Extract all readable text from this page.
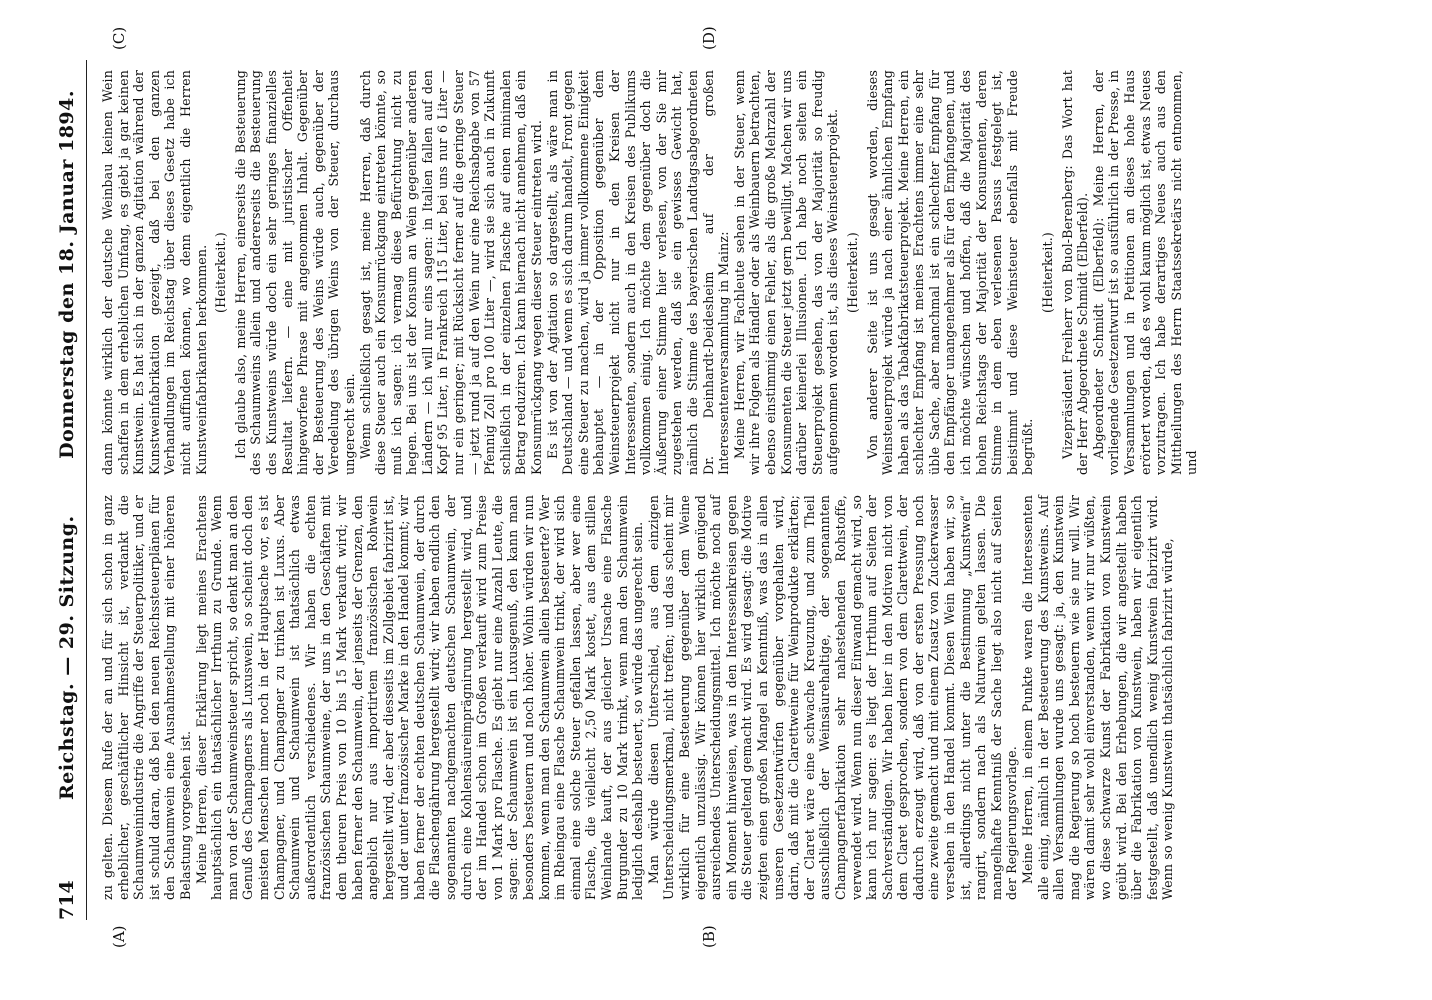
714
Reichstag. — 29. Sitzung.
Donnerstag den 18. Januar 1894.
(A)	(B)
(C)	(D)

zu gelten. Diesem Rufe der an und für sich schon in ganz erheblicher, geschäftlicher Hinsicht ist, verdankt die Schaumweinindustrie die Angriffe der Steuerpolitiker, und er ist schuld daran, daß bei den neuen Reichssteuerplänen für den Schaumwein eine Ausnahmestellung mit einer höheren Belastung vorgesehen ist. Meine Herren, dieser Erklärung liegt meines Erachtens hauptsächlich ein thatsächlicher Irrthum zu Grunde. Wenn man von der Schaumweinsteuer spricht, so denkt man an den Genuß des Champagners als Luxuswein, so scheint doch den meisten Menschen immer noch in der Hauptsache vor, es ist Champagner, und Champagner zu trinken ist Luxus. Aber Schaumwein und Schaumwein ist thatsächlich etwas außerordentlich verschiedenes. Wir haben die echten französischen Schaumweine, der uns in den Geschäften mit dem theuren Preis von 10 bis 15 Mark verkauft wird; wir haben ferner den Schaumwein, der jenseits der Grenzen, den angeblich nur aus importirtem französischen Rohwein hergestellt wird, der aber diesseits im Zollgebiet fabrizirt ist, und der unter französischer Marke in den Handel kommt; wir haben ferner der echten deutschen Schaumwein, der durch die Flaschengährung hergestellt wird; wir haben endlich den sogenannten nachgemachten deutschen Schaumwein, der durch eine Kohlensäureimprägnirung hergestellt wird, und der im Handel schon im Großen verkauft wird zum Preise von 1 Mark pro Flasche. Es giebt nur eine Anzahl Leute, die sagen: der Schaumwein ist ein Luxusgenuß, den kann man besonders besteuern und noch höher. Wohin würden wir nun kommen, wenn man den Schaumwein allein besteuerte? Wer im Rheingau eine Flasche Schaumwein trinkt, der wird sich einmal eine solche Steuer gefallen lassen, aber wer eine Flasche, die vielleicht 2,50 Mark kostet, aus dem stillen Weinlande kauft, der aus gleicher Ursache eine Flasche Burgunder zu 10 Mark trinkt, wenn man den Schaumwein lediglich deshalb besteuert, so würde das ungerecht sein. Man würde diesen Unterschied, aus dem einzigen Unterscheidungsmerkmal, nicht treffen; und das scheint mir wirklich für eine Besteuerung gegenüber dem Weine eigentlich unzulässig. Wir können hier wirklich genügend ausreichendes Unterscheidungsmittel. Ich möchte noch auf ein Moment hinweisen, was in den Interessenkreisen gegen die Steuer geltend gemacht wird. Es wird gesagt: die Motive zeigten einen großen Mangel an Kenntniß, was das in allen unseren Gesetzentwürfen gegenüber vorgehalten wird, darin, daß mit die Clarettweine für Weinprodukte erklärten; der Claret wäre eine schwache Kreuzung, und zum Theil ausschließlich der Weinsäurehaltige, der sogenannten Champagnerfabrikation sehr nahestehenden Rohstoffe, verwendet wird. Wenn nun dieser Einwand gemacht wird, so kann ich nur sagen: es liegt der Irrthum auf Seiten der Sachverständigen. Wir haben hier in den Motiven nicht von dem Claret gesprochen, sondern von dem Clarettwein, der dadurch erzeugt wird, daß von der ersten Pressung noch eine zweite gemacht und mit einem Zusatz von Zuckerwasser versehen in den Handel kommt. Diesen Wein haben wir, so ist, allerdings nicht unter die Bestimmung „Kunstwein“ rangirt, sondern nach als Naturwein gelten lassen. Die mangelhafte Kenntniß der Sache liegt also nicht auf Seiten der Regierungsvorlage. Meine Herren, in einem Punkte waren die Interessenten alle einig, nämlich in der Besteuerung des Kunstweins. Auf allen Versammlungen wurde uns gesagt: ja, den Kunstwein mag die Regierung so hoch besteuern wie sie nur will. Wir wären damit sehr wohl einverstanden, wenn wir nur wüßten, wo diese schwarze Kunst der Fabrikation von Kunstwein geübt wird. Bei den Erhebungen, die wir angestellt haben über die Fabrikation von Kunstwein, haben wir eigentlich festgestellt, daß unendlich wenig Kunstwein fabrizirt wird. Wenn so wenig Kunstwein thatsächlich fabrizirt würde,

dann könnte wirklich der deutsche Weinbau keinen Wein schaffen in dem erheblichen Umfang, es giebt ja gar keinen Kunstwein. Es hat sich in der ganzen Agitation während der Kunstweinfabrikation gezeigt, daß bei den ganzen Verhandlungen im Reichstag über dieses Gesetz habe ich nicht auffinden können, wo denn eigentlich die Herren Kunstweinfabrikanten herkommen. (Heiterkeit.) Ich glaube also, meine Herren, einerseits die Besteuerung des Schaumweins allein und andererseits die Besteuerung des Kunstweins würde doch ein sehr geringes finanzielles Resultat liefern. — eine mit juristischer Offenheit hingeworfene Phrase mit angenommen Inhalt. Gegenüber der Besteuerung des Weins würde auch, gegenüber der Veredelung des übrigen Weins von der Steuer, durchaus ungerecht sein. Wenn schließlich gesagt ist, meine Herren, daß durch diese Steuer auch ein Konsumrückgang eintreten könnte, so muß ich sagen: ich vermag diese Befürchtung nicht zu hegen. Bei uns ist der Konsum an Wein gegenüber anderen Ländern — ich will nur eins sagen: in Italien fallen auf den Kopf 95 Liter, in Frankreich 115 Liter, bei uns nur 6 Liter — nur ein geringer; mit Rücksicht ferner auf die geringe Steuer — jetzt rund ja auf den Wein nur eine Reichsabgabe von 57 Pfennig Zoll pro 100 Liter —, wird sie sich auch in Zukunft schließlich in der einzelnen Flasche auf einen minimalen Betrag reduziren. Ich kann hiernach nicht annehmen, daß ein Konsumrückgang wegen dieser Steuer eintreten wird. Es ist von der Agitation so dargestellt, als wäre man in Deutschland — und wenn es sich darum handelt, Front gegen eine Steuer zu machen, wird ja immer vollkommene Einigkeit behauptet — in der Opposition gegenüber dem Weinsteuerprojekt nicht nur in den Kreisen der Interessenten, sondern auch in den Kreisen des Publikums vollkommen einig. Ich möchte dem gegenüber doch die Äußerung einer Stimme hier verlesen, von der Sie mir zugestehen werden, daß sie ein gewisses Gewicht hat, nämlich die Stimme des bayerischen Landtagsabgeordneten Dr. Deinhardt-Deidesheim auf der großen Interessentenversammlung in Mainz: Meine Herren, wir Fachleute sehen in der Steuer, wenn wir ihre Folgen als Händler oder als Weinbauern betrachten, ebenso einstimmig einen Fehler, als die große Mehrzahl der Konsumenten die Steuer jetzt gern bewilligt. Machen wir uns darüber keinerlei Illusionen. Ich habe noch selten ein Steuerprojekt gesehen, das von der Majorität so freudig aufgenommen worden ist, als dieses Weinsteuerprojekt. (Heiterkeit.) Von anderer Seite ist uns gesagt worden, dieses Weinsteuerprojekt würde ja nach einer ähnlichen Empfang haben als das Tabakfabrikatsteuerprojekt. Meine Herren, ein schlechter Empfang ist meines Erachtens immer eine sehr üble Sache, aber manchmal ist ein schlechter Empfang für den Empfänger unangenehmer als für den Empfangenen, und ich möchte wünschen und hoffen, daß die Majorität des hohen Reichstags der Majorität der Konsumenten, deren Stimme in dem eben verlesenen Passus festgelegt ist, beistimmt und diese Weinsteuer ebenfalls mit Freude begrüßt.

(Heiterkeit.) Vizepräsident Freiherr von Buol-Berenberg: Das Wort hat der Herr Abgeordnete Schmidt (Elberfeld). Abgeordneter Schmidt (Elberfeld): Meine Herren, der vorliegende Gesetzentwurf ist so ausführlich in der Presse, in Versammlungen und in Petitionen an dieses hohe Haus erörtert worden, daß es wohl kaum möglich ist, etwas Neues vorzutragen. Ich habe derartiges Neues auch aus den Mittheilungen des Herrn Staatssekretärs nicht entnommen, und
